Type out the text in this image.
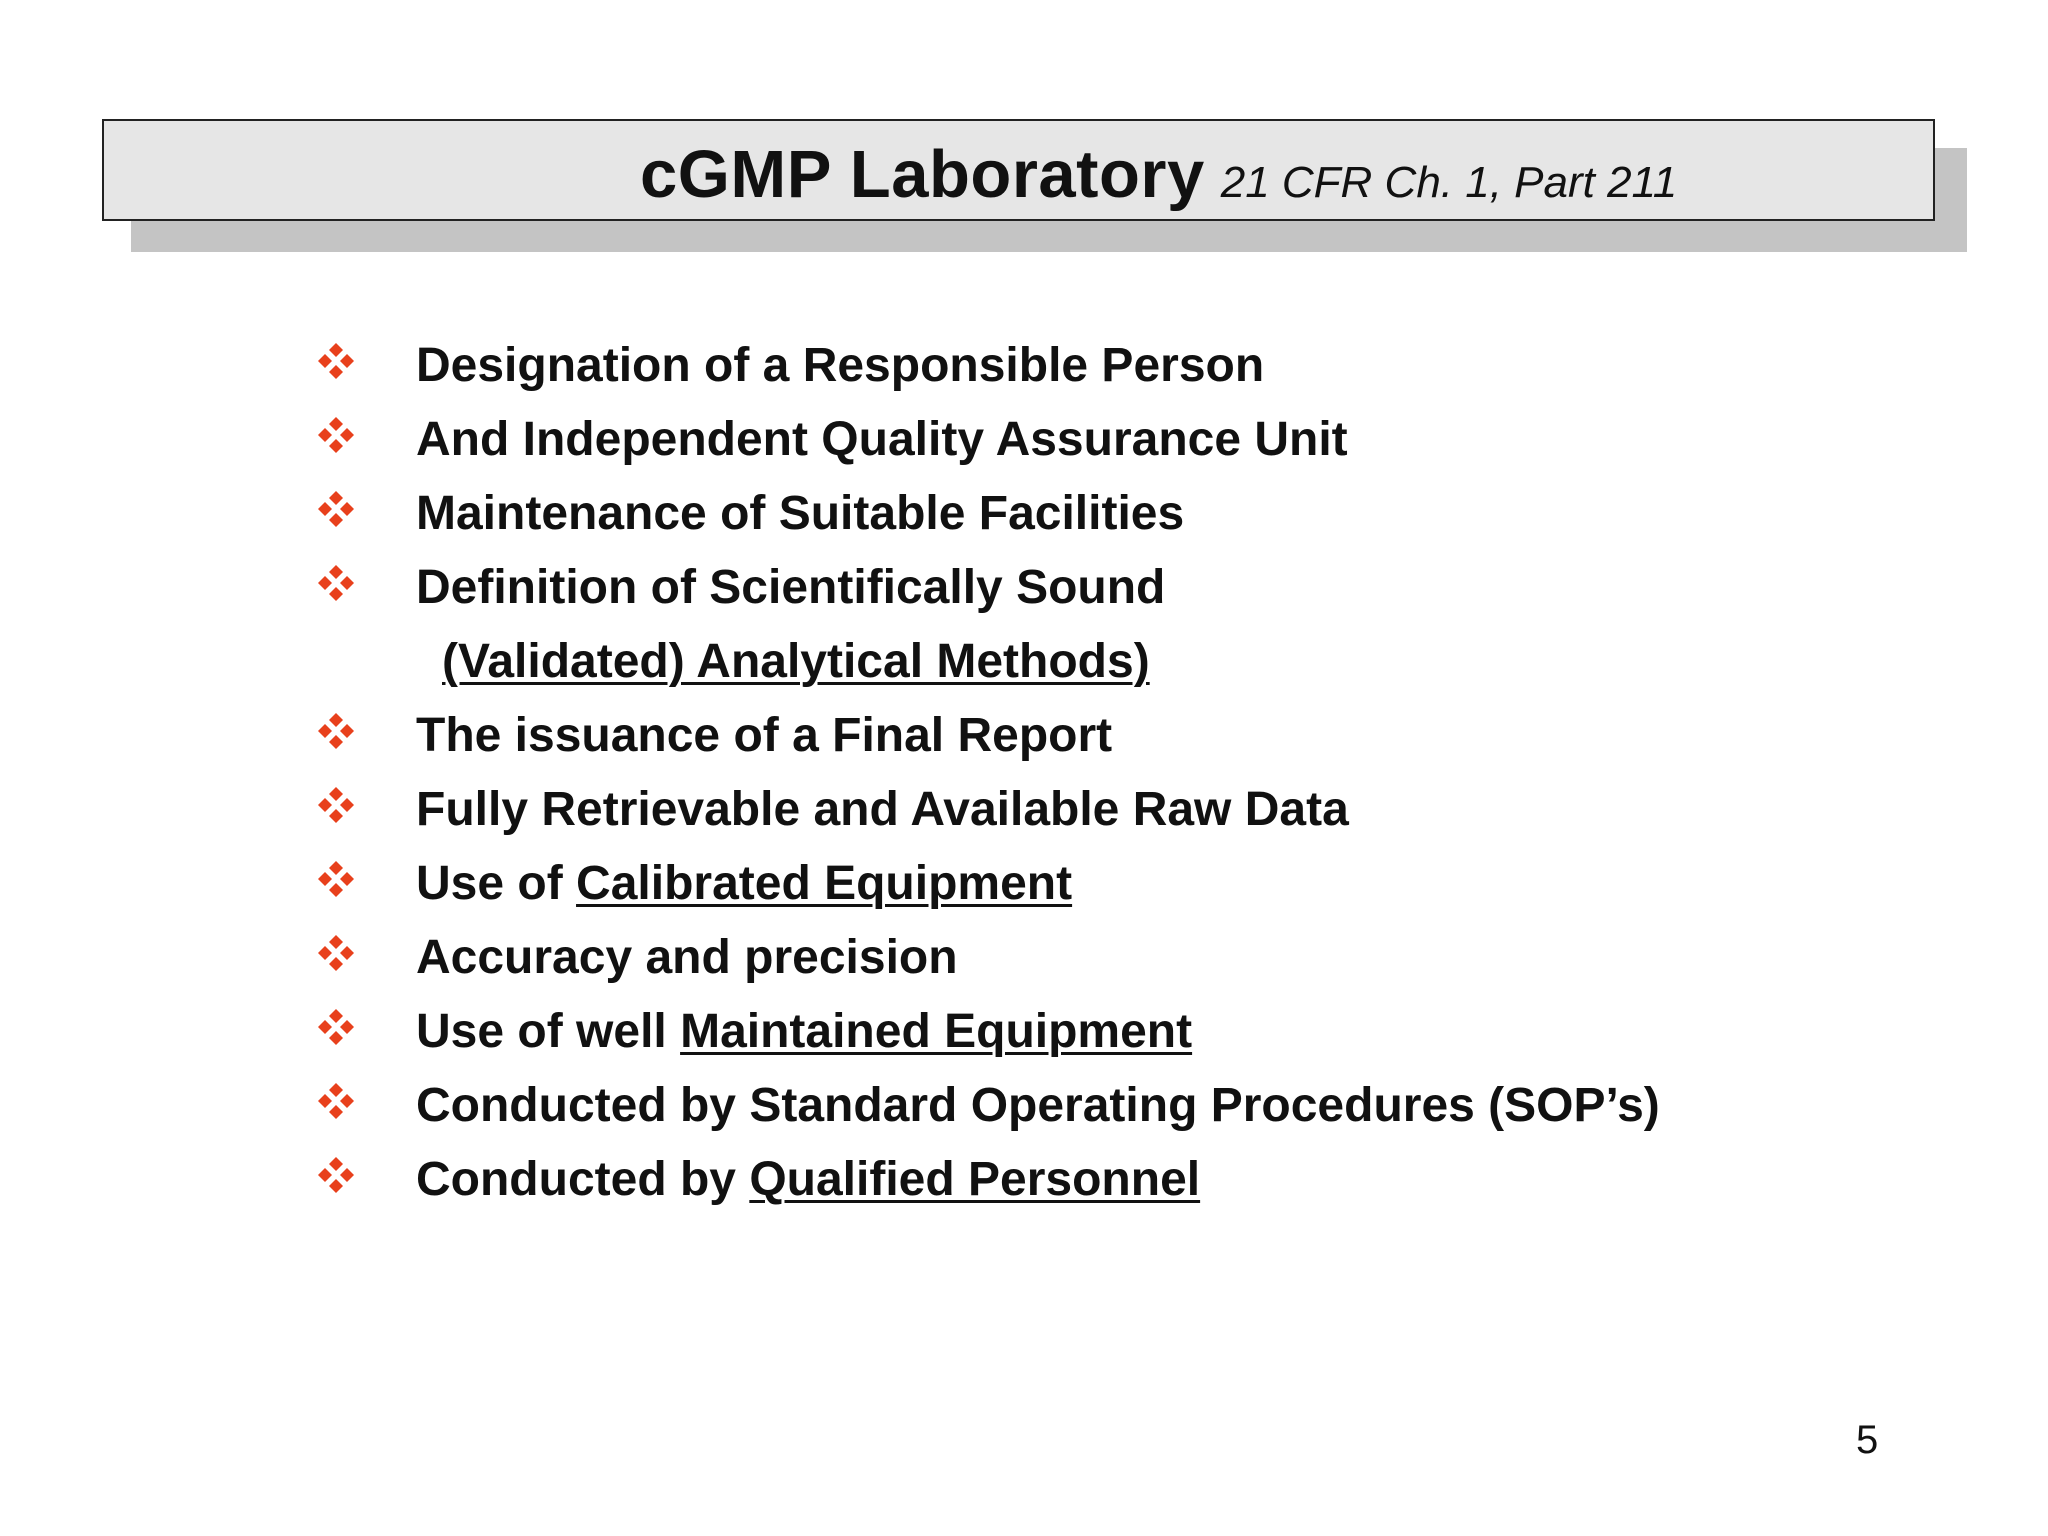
cGMP Laboratory 21 CFR Ch. 1, Part 211
Designation of a Responsible Person
And Independent Quality Assurance Unit
Maintenance of Suitable Facilities
Definition of Scientifically Sound
(Validated) Analytical Methods)
The issuance of a Final Report
Fully Retrievable and Available Raw Data
Use of Calibrated Equipment
Accuracy and precision
Use of well Maintained Equipment
Conducted by Standard Operating Procedures (SOP’s)
Conducted by Qualified Personnel
5
